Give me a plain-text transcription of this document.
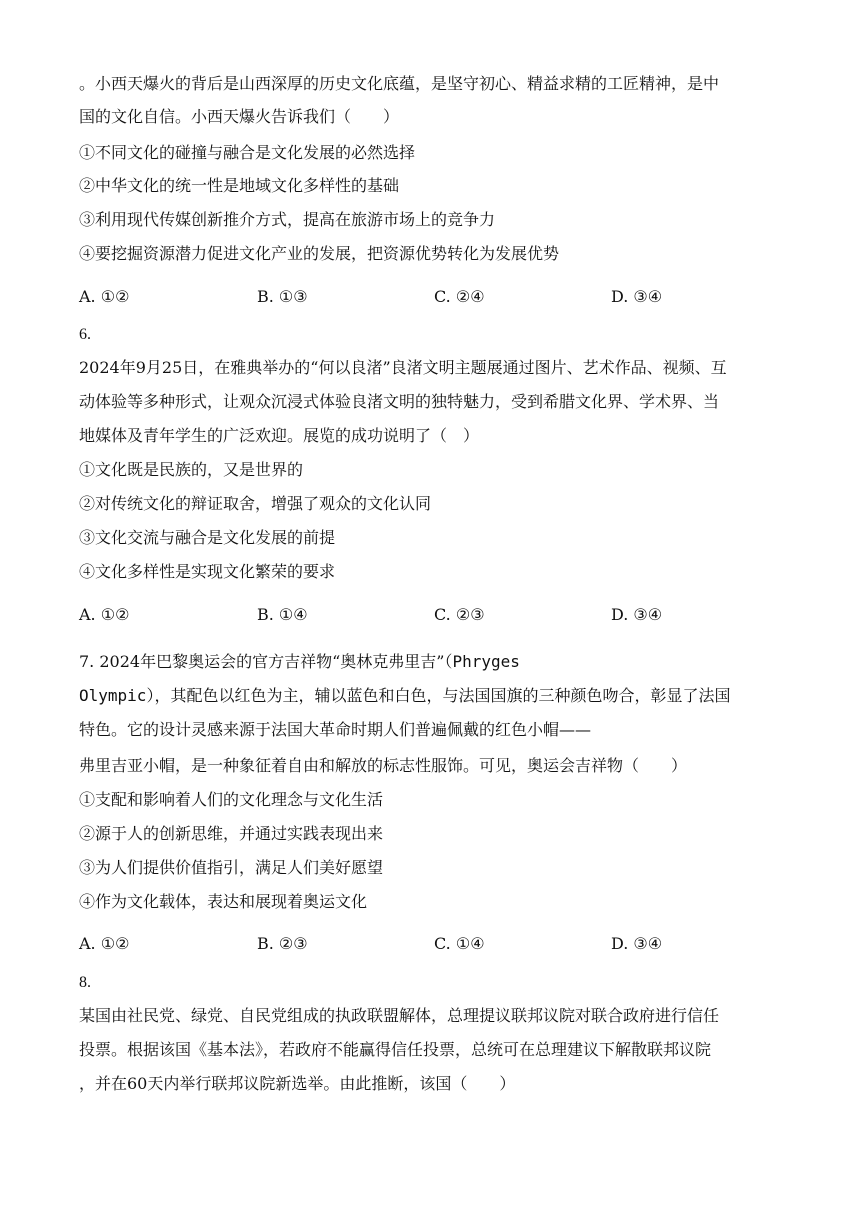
。小西天爆火的背后是山西深厚的历史文化底蕴，是坚守初心、精益求精的工匠精神，是中
国的文化自信。小西天爆火告诉我们（　　）
①不同文化的碰撞与融合是文化发展的必然选择
②中华文化的统一性是地域文化多样性的基础
③利用现代传媒创新推介方式，提高在旅游市场上的竞争力
④要挖掘资源潜力促进文化产业的发展，把资源优势转化为发展优势
A. ①②	B. ①③	C. ②④	D. ③④
6.
2024年9月25日，在雅典举办的“何以良渚”良渚文明主题展通过图片、艺术作品、视频、互
动体验等多种形式，让观众沉浸式体验良渚文明的独特魅力，受到希腊文化界、学术界、当
地媒体及青年学生的广泛欢迎。展览的成功说明了（　）
①文化既是民族的，又是世界的
②对传统文化的辩证取舍，增强了观众的文化认同
③文化交流与融合是文化发展的前提
④文化多样性是实现文化繁荣的要求
A. ①②	B. ①④	C. ②③	D. ③④
7. 2024年巴黎奥运会的官方吉祥物“奥林克弗里吉”（Phryges
Olympic），其配色以红色为主，辅以蓝色和白色，与法国国旗的三种颜色吻合，彰显了法国
特色。它的设计灵感来源于法国大革命时期人们普遍佩戴的红色小帽——
弗里吉亚小帽，是一种象征着自由和解放的标志性服饰。可见，奥运会吉祥物（　　）
①支配和影响着人们的文化理念与文化生活
②源于人的创新思维，并通过实践表现出来
③为人们提供价值指引，满足人们美好愿望
④作为文化载体，表达和展现着奥运文化
A. ①②	B. ②③	C. ①④	D. ③④
8.
某国由社民党、绿党、自民党组成的执政联盟解体，总理提议联邦议院对联合政府进行信任
投票。根据该国《基本法》，若政府不能赢得信任投票，总统可在总理建议下解散联邦议院
，并在60天内举行联邦议院新选举。由此推断，该国（　　）
